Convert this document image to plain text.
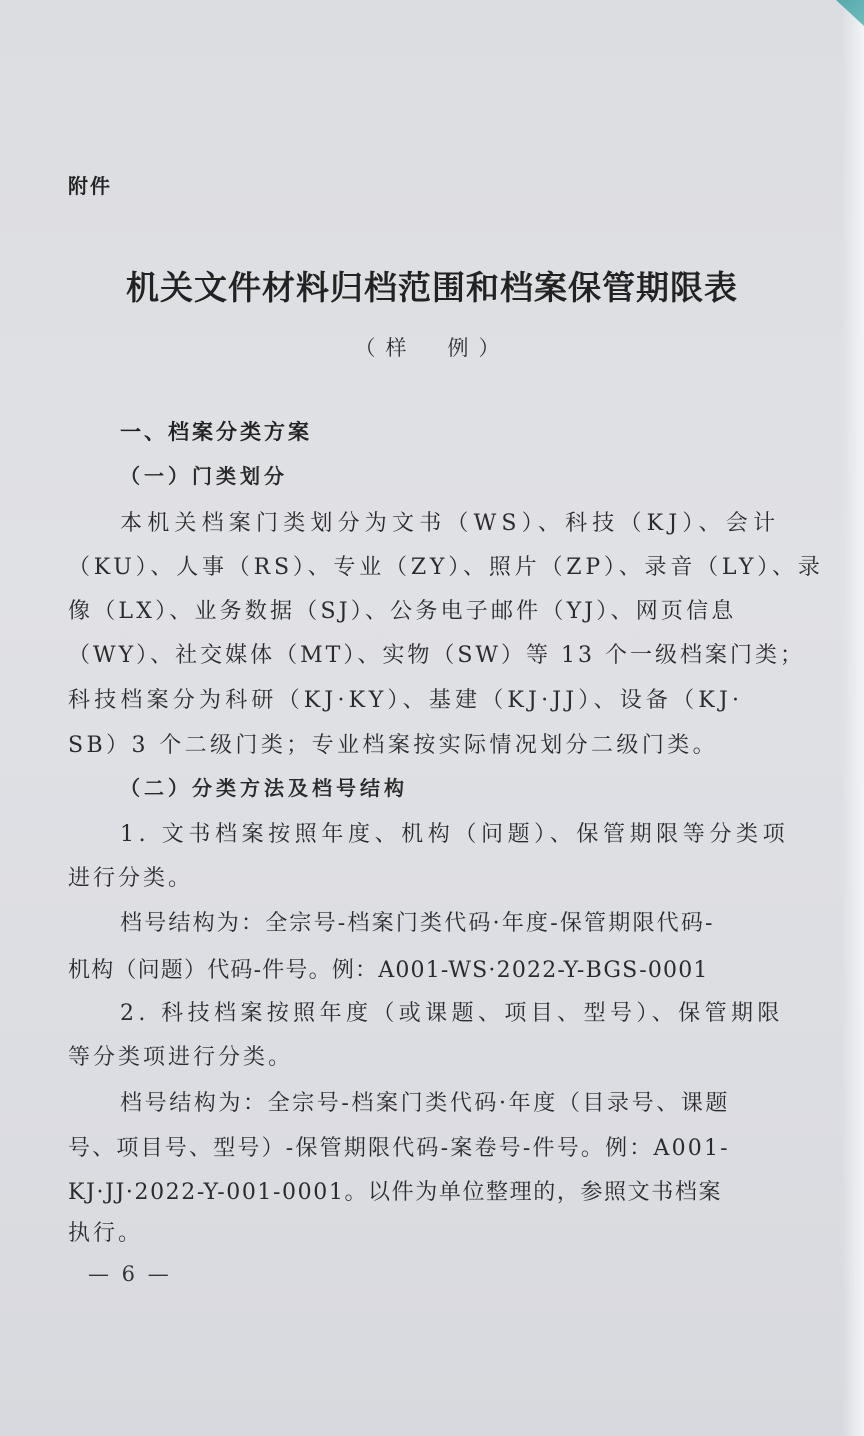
附件
机关文件材料归档范围和档案保管期限表
（样　例）
一、档案分类方案
（一）门类划分
本机关档案门类划分为文书（WS）、科技（KJ）、会计
（KU）、人事（RS）、专业（ZY）、照片（ZP）、录音（LY）、录
像（LX）、业务数据（SJ）、公务电子邮件（YJ）、网页信息
（WY）、社交媒体（MT）、实物（SW）等 13 个一级档案门类；
科技档案分为科研（KJ·KY）、基建（KJ·JJ）、设备（KJ·
SB）3 个二级门类；专业档案按实际情况划分二级门类。
（二）分类方法及档号结构
1. 文书档案按照年度、机构（问题）、保管期限等分类项
进行分类。
档号结构为：全宗号-档案门类代码·年度-保管期限代码-
机构（问题）代码-件号。例：A001-WS·2022-Y-BGS-0001
2. 科技档案按照年度（或课题、项目、型号）、保管期限
等分类项进行分类。
档号结构为：全宗号-档案门类代码·年度（目录号、课题
号、项目号、型号）-保管期限代码-案卷号-件号。例：A001-
KJ·JJ·2022-Y-001-0001。以件为单位整理的，参照文书档案
执行。
— 6 —
